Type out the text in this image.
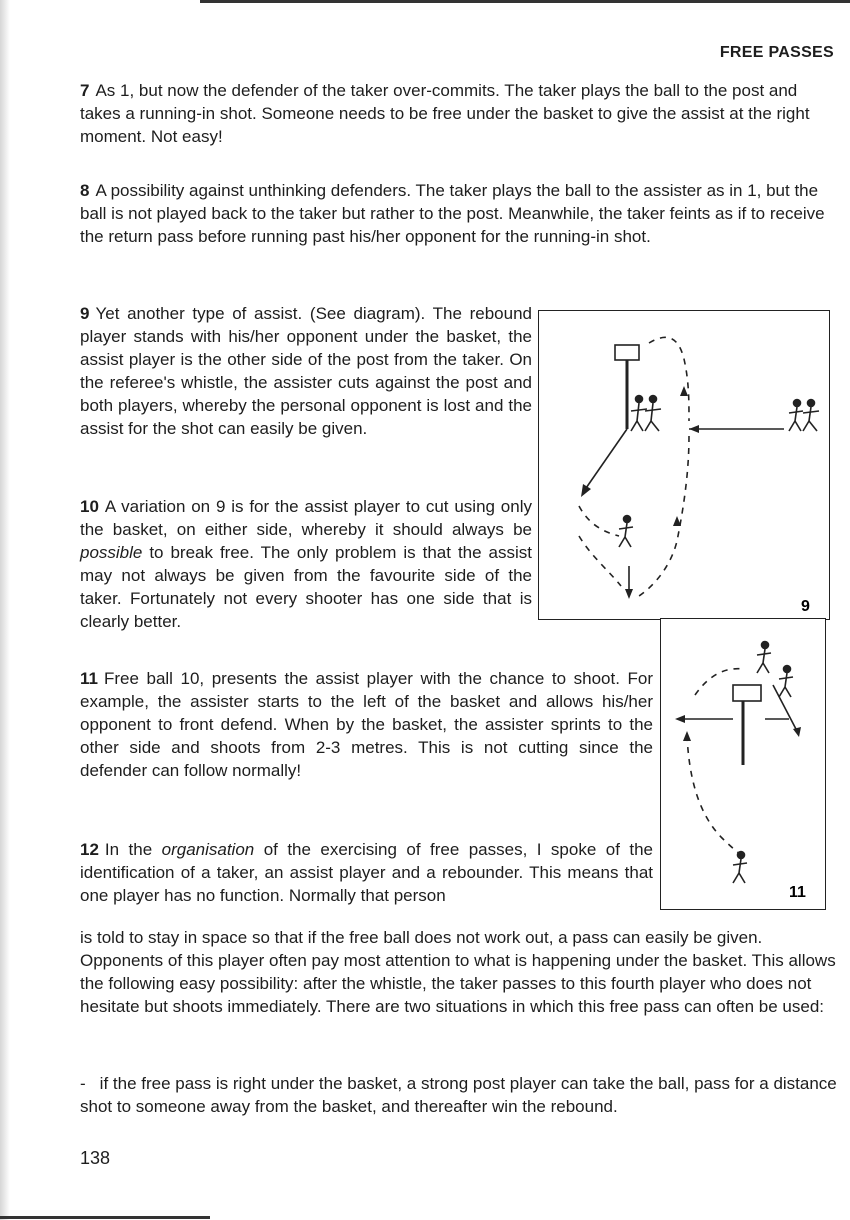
FREE PASSES

7 As 1, but now the defender of the taker over-commits. The taker plays the ball to the post and takes a running-in shot. Someone needs to be free under the basket to give the assist at the right moment. Not easy!

8 A possibility against unthinking defenders. The taker plays the ball to the assister as in 1, but the ball is not played back to the taker but rather to the post. Meanwhile, the taker feints as if to receive the return pass before running past his/her opponent for the running-in shot.

9 Yet another type of assist. (See diagram). The rebound player stands with his/her opponent under the basket, the assist player is the other side of the post from the taker. On the referee's whistle, the assister cuts against the post and both players, whereby the personal opponent is lost and the assist for the shot can easily be given.

10 A variation on 9 is for the assist player to cut using only the basket, on either side, whereby it should always be possible to break free. The only problem is that the assist may not always be given from the favourite side of the taker. Fortunately not every shooter has one side that is clearly better.

11 Free ball 10, presents the assist player with the chance to shoot. For example, the assister starts to the left of the basket and allows his/her opponent to front defend. When by the basket, the assister sprints to the other side and shoots from 2-3 metres. This is not cutting since the defender can follow normally!

12 In the organisation of the exercising of free passes, I spoke of the identification of a taker, an assist player and a rebounder. This means that one player has no function. Normally that person

is told to stay in space so that if the free ball does not work out, a pass can easily be given. Opponents of this player often pay most attention to what is happening under the basket. This allows the following easy possibility: after the whistle, the taker passes to this fourth player who does not hesitate but shoots immediately. There are two situations in which this free pass can often be used:

- if the free pass is right under the basket, a strong post player can take the ball, pass for a distance shot to someone away from the basket, and thereafter win the rebound.

9
11
138
